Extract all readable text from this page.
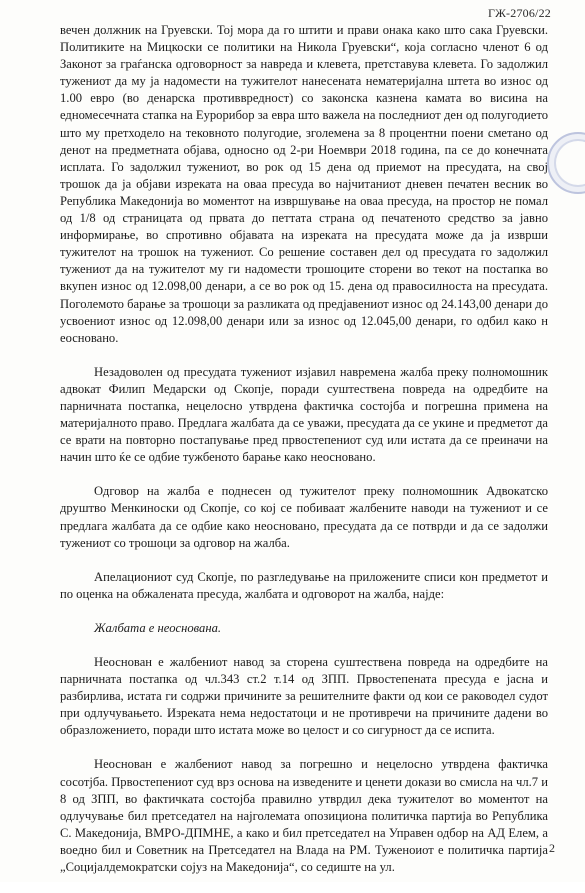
ГЖ-2706/22

вечен должник на Груевски. Тој мора да го штити и прави онака како што сака Груевски. Политиките на Мицкоски се политики на Никола Груевски“, која согласно членот 6 од Законот за граѓанска одговорност за навреда и клевета, претставува клевета. Го задолжил тужениот да му ја надомести на тужителот нанесената нематеријална штета во износ од 1.00 евро (во денарска противвредност) со законска казнена камата во висина на едномесечната стапка на Еурорибор за евра што важела на последниот ден од полугодието што му претходело на тековното полугодие, зголемена за 8 процентни поени сметано од денот на предметната објава, односно од 2-ри Ноември 2018 година, па се до конечната исплата. Го задолжил тужениот, во рок од 15 дена од приемот на пресудата, на свој трошок да ја објави изреката на оваа пресуда во најчитаниот дневен печатен весник во Република Македонија во моментот на извршување на оваа пресуда, на простор не помал од 1/8 од страницата од првата до петтата страна од печатеното средство за јавно информирање, во спротивно објавата на изреката на пресудата може да ја изврши тужителот на трошок на тужениот. Со решение составен дел од пресудата го задолжил тужениот да на тужителот му ги надомести трошоците сторени во текот на постапка во вкупен износ од 12.098,00 денари, а се во рок од 15. дена од правосилноста на пресудата. Поголемото барање за трошоци за разликата од предјавениот износ од 24.143,00 денари до усвоениот износ од 12.098,00 денари или за износ од 12.045,00 денари, го одбил како н еосновано.

Незадоволен од пресудата тужениот изјавил навремена жалба преку полномошник адвокат Филип Медарски од Скопје, поради суштествена повреда на одредбите на парничната постапка, нецелосно утврдена фактичка состојба и погрешна примена на материјалното право. Предлага жалбата да се уважи, пресудата да се укине и предметот да се врати на повторно постапување пред првостепениот суд или истата да се преиначи на начин што ќе се одбие тужбеното барање како неосновано.

Одговор на жалба е поднесен од тужителот преку полномошник Адвокатско друштво Менкиноски од Скопје, со кој се побиваат жалбените наводи на тужениот и се предлага жалбата да се одбие како неосновано, пресудата да се потврди и да се задолжи тужениот со трошоци за одговор на жалба.

Апелациониот суд Скопје, по разгледување на приложените списи кон предметот и по оценка на обжалената пресуда, жалбата и одговорот на жалба, најде:

Жалбата е неоснована.

Неоснован е жалбениот навод за сторена суштествена повреда на одредбите на парничната постапка од чл.343 ст.2 т.14 од ЗПП. Првостепената пресуда е јасна и разбирлива, истата ги содржи причините за решителните факти од кои се раководел судот при одлучувањето. Изреката нема недостатоци и не противречи на причините дадени во образложението, поради што истата може во целост и со сигурност да се испита.

Неоснован е жалбениот навод за погрешно и нецелосно утврдена фактичка сосотјба. Првостепениот суд врз основа на изведените и ценети докази во смисла на чл.7 и 8 од ЗПП, во фактичката состојба правилно утврдил дека тужителот во моментот на одлучување бил претседател на најголемата опозициона политичка партија во Република С. Македонија, ВМРО-ДПМНЕ, а како и бил претседател на Управен одбор на АД Елем, а воедно бил и Советник на Претседател на Влада на РМ. Туженоиот е политичка партија „Социјалдемократски сојуз на Македонија“, со седиште на ул.

2
